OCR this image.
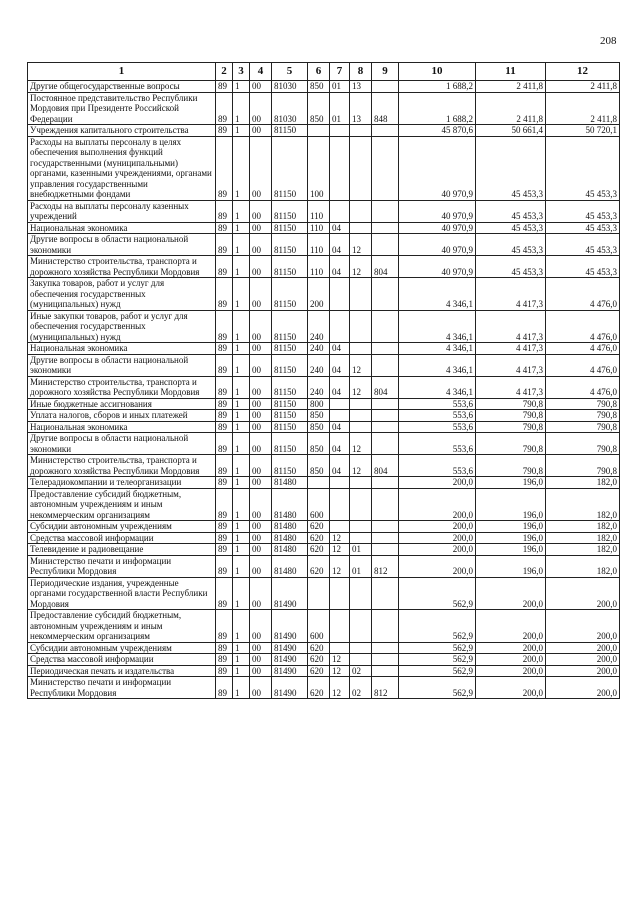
208
1	2	3	4	5	6	7	8	9	10	11	12
Другие общегосударственные вопросы	89	1	00	81030	850	01	13		1 688,2	2 411,8	2 411,8
Постоянное представительство Республики Мордовия при Президенте Российской Федерации	89	1	00	81030	850	01	13	848	1 688,2	2 411,8	2 411,8
Учреждения капитального строительства	89	1	00	81150					45 870,6	50 661,4	50 720,1
Расходы на выплаты персоналу в целях обеспечения выполнения функций государственными (муниципальными) органами, казенными учреждениями, органами управления государственными внебюджетными фондами	89	1	00	81150	100				40 970,9	45 453,3	45 453,3
Расходы на выплаты персоналу казенных учреждений	89	1	00	81150	110				40 970,9	45 453,3	45 453,3
Национальная экономика	89	1	00	81150	110	04			40 970,9	45 453,3	45 453,3
Другие вопросы в области национальной экономики	89	1	00	81150	110	04	12		40 970,9	45 453,3	45 453,3
Министерство строительства, транспорта и дорожного хозяйства Республики Мордовия	89	1	00	81150	110	04	12	804	40 970,9	45 453,3	45 453,3
Закупка товаров, работ и услуг для обеспечения государственных (муниципальных) нужд	89	1	00	81150	200				4 346,1	4 417,3	4 476,0
Иные закупки товаров, работ и услуг для обеспечения государственных (муниципальных) нужд	89	1	00	81150	240				4 346,1	4 417,3	4 476,0
Национальная экономика	89	1	00	81150	240	04			4 346,1	4 417,3	4 476,0
Другие вопросы в области национальной экономики	89	1	00	81150	240	04	12		4 346,1	4 417,3	4 476,0
Министерство строительства, транспорта и дорожного хозяйства Республики Мордовия	89	1	00	81150	240	04	12	804	4 346,1	4 417,3	4 476,0
Иные бюджетные ассигнования	89	1	00	81150	800				553,6	790,8	790,8
Уплата налогов, сборов и иных платежей	89	1	00	81150	850				553,6	790,8	790,8
Национальная экономика	89	1	00	81150	850	04			553,6	790,8	790,8
Другие вопросы в области национальной экономики	89	1	00	81150	850	04	12		553,6	790,8	790,8
Министерство строительства, транспорта и дорожного хозяйства Республики Мордовия	89	1	00	81150	850	04	12	804	553,6	790,8	790,8
Телерадиокомпании и телеорганизации	89	1	00	81480					200,0	196,0	182,0
Предоставление субсидий бюджетным, автономным учреждениям и иным некоммерческим организациям	89	1	00	81480	600				200,0	196,0	182,0
Субсидии автономным учреждениям	89	1	00	81480	620				200,0	196,0	182,0
Средства массовой информации	89	1	00	81480	620	12			200,0	196,0	182,0
Телевидение и радиовещание	89	1	00	81480	620	12	01		200,0	196,0	182,0
Министерство печати и информации Республики Мордовия	89	1	00	81480	620	12	01	812	200,0	196,0	182,0
Периодические издания, учрежденные органами государственной власти Республики Мордовия	89	1	00	81490					562,9	200,0	200,0
Предоставление субсидий бюджетным, автономным учреждениям и иным некоммерческим организациям	89	1	00	81490	600				562,9	200,0	200,0
Субсидии автономным учреждениям	89	1	00	81490	620				562,9	200,0	200,0
Средства массовой информации	89	1	00	81490	620	12			562,9	200,0	200,0
Периодическая печать и издательства	89	1	00	81490	620	12	02		562,9	200,0	200,0
Министерство печати и информации Республики Мордовия	89	1	00	81490	620	12	02	812	562,9	200,0	200,0
